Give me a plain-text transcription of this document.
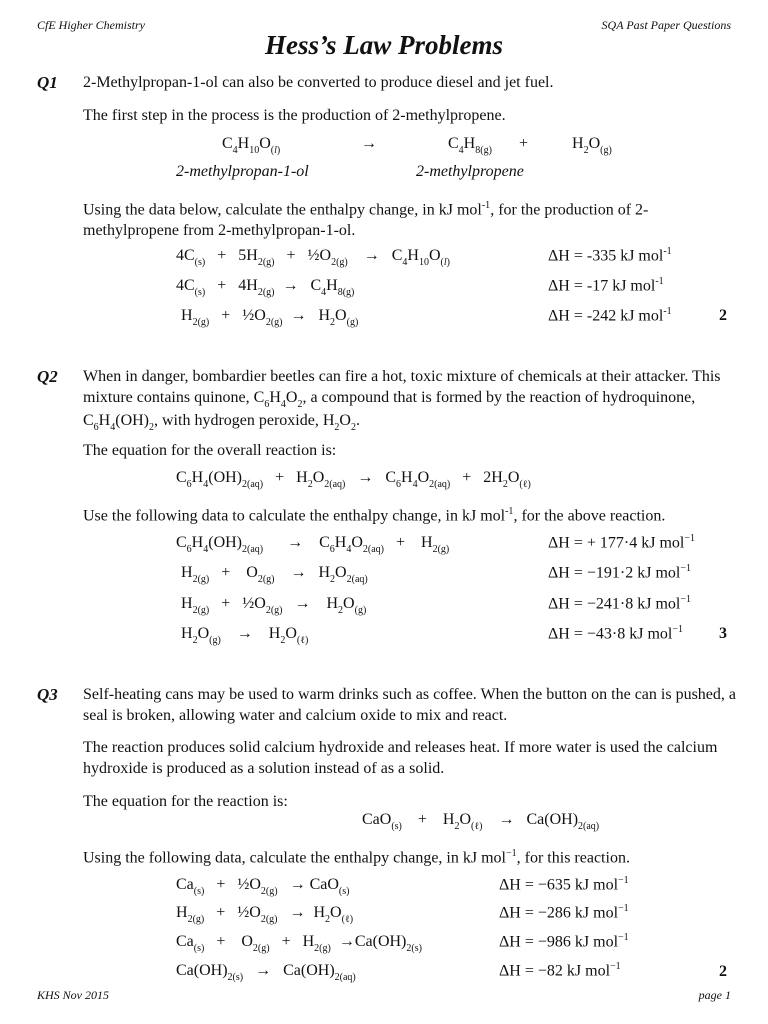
CfE Higher Chemistry	SQA Past Paper Questions
Hess’s Law Problems
Q1 2-Methylpropan-1-ol can also be converted to produce diesel and jet fuel.
The first step in the process is the production of 2-methylpropene.
$C_4H_{10}O_{(l)}$	→	$C_4H_{8(g)}$ +	$H_2O_{(g)}$
2-methylpropan-1-ol	2-methylpropene
Using the data below, calculate the enthalpy change, in kJ mol$^{-1}$, for the production of 2-methylpropene from 2-methylpropan-1-ol.
$4C_{(s)} + 5H_{2(g)}$   +   $\frac{1}{2}O_{2(g)}$    →   $C_4H_{10}O_{(l)}$	ΔH = -335 kJ mol$^{-1}$
$4C_{(s)} + 4H_{2(g)} \to C_4H_{8(g)}$	ΔH = -17 kJ mol$^{-1}$
$H_{2(g)}$   +   $\frac{1}{2}O_{2(g)} \to H_2O_{(g)}$	ΔH = -242 kJ mol$^{-1}$	2
Q2 When in danger, bombardier beetles can fire a hot, toxic mixture of chemicals at their attacker. This mixture contains quinone, $C_6H_4O_2$, a compound that is formed by the reaction of hydroquinone, $C_6H_4(OH)_2$, with hydrogen peroxide, $H_2O_2$.
The equation for the overall reaction is:
$C_6H_4(OH)_{2(aq)} + H_2O_{2(aq)} \to C_6H_4O_{2(aq)} + 2H_2O_{(\ell)}$
Use the following data to calculate the enthalpy change, in kJ mol$^{-1}$, for the above reaction.
$C_6H_4(OH)_{2(aq)}$      →    $C_6H_4O_{2(aq)}$   +    $H_{2(g)}$	ΔH = + 177·4 kJ mol$^{-1}$
$H_{2(g)}$   +    $O_{2(g)}$    →   $H_2O_{2(aq)}$	ΔH = −191·2 kJ mol$^{-1}$
$H_{2(g)}$   +   $\frac{1}{2}O_{2(g)}$   →    $H_2O_{(g)}$	ΔH = −241·8 kJ mol$^{-1}$
$H_2O_{(g)}$    →    $H_2O_{(\ell)}$	ΔH = −43·8 kJ mol$^{-1}$ 3
Q3 Self-heating cans may be used to warm drinks such as coffee. When the button on the can is pushed, a seal is broken, allowing water and calcium oxide to mix and react.
The reaction produces solid calcium hydroxide and releases heat. If more water is used the calcium hydroxide is produced as a solution instead of as a solid.
The equation for the reaction is:
CaO$_{(s)}$    +    $H_2O_{(\ell)}$    →   $Ca(OH)_{2(aq)}$
Using the following data, calculate the enthalpy change, in kJ mol$^{-1}$, for this reaction.
$Ca_{(s)}$   +   $\frac{1}{2}O_{2(g)} \to CaO_{(s)}$	ΔH = −635 kJ mol$^{-1}$
$H_{2(g)}$   +   $\frac{1}{2}O_{2(g)} \to H_2O_{(\ell)}$	ΔH = −286 kJ mol$^{-1}$
$Ca_{(s)}$   +    $O_{2(g)} + H_{2(g)} \to Ca(OH)_{2(s)}$	ΔH = −986 kJ mol$^{-1}$
$Ca(OH)_{2(s)} \to Ca(OH)_{2(aq)}$	ΔH = −82 kJ mol$^{-1}$	2
KHS Nov 2015	page 1
